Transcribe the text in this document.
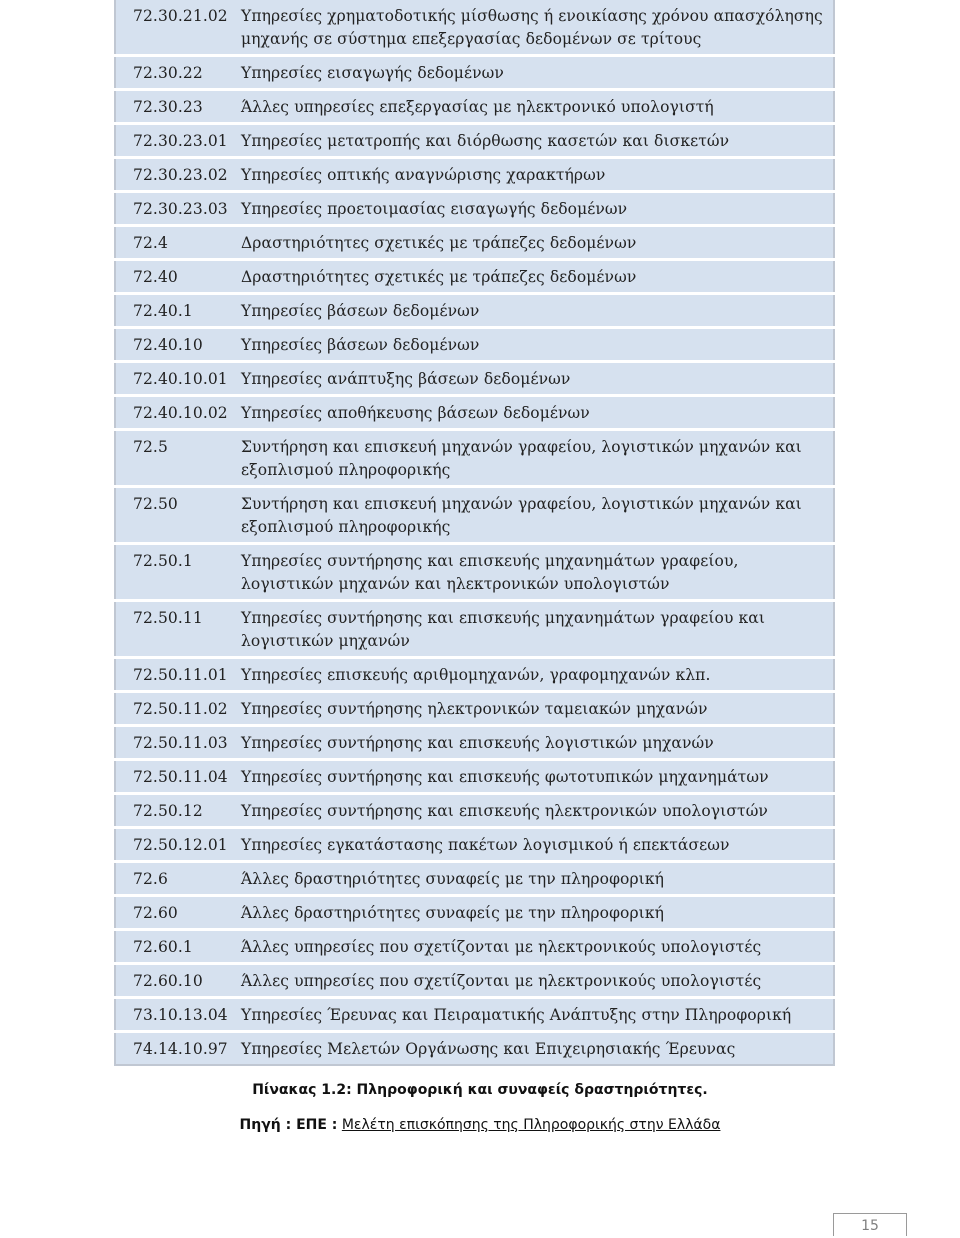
72.30.21.02	Υπηρεσίες χρηματοδοτικής μίσθωσης ή ενοικίασης χρόνου απασχόλησης μηχανής σε σύστημα επεξεργασίας δεδομένων σε τρίτους
72.30.22	Υπηρεσίες εισαγωγής δεδομένων
72.30.23	Άλλες υπηρεσίες επεξεργασίας με ηλεκτρονικό υπολογιστή
72.30.23.01	Υπηρεσίες μετατροπής και διόρθωσης κασετών και δισκετών
72.30.23.02	Υπηρεσίες οπτικής αναγνώρισης χαρακτήρων
72.30.23.03	Υπηρεσίες προετοιμασίας εισαγωγής δεδομένων
72.4	Δραστηριότητες σχετικές με τράπεζες δεδομένων
72.40	Δραστηριότητες σχετικές με τράπεζες δεδομένων
72.40.1	Υπηρεσίες βάσεων δεδομένων
72.40.10	Υπηρεσίες βάσεων δεδομένων
72.40.10.01	Υπηρεσίες ανάπτυξης βάσεων δεδομένων
72.40.10.02	Υπηρεσίες αποθήκευσης βάσεων δεδομένων
72.5	Συντήρηση και επισκευή μηχανών γραφείου, λογιστικών μηχανών και εξοπλισμού πληροφορικής
72.50	Συντήρηση και επισκευή μηχανών γραφείου, λογιστικών μηχανών και εξοπλισμού πληροφορικής
72.50.1	Υπηρεσίες συντήρησης και επισκευής μηχανημάτων γραφείου, λογιστικών μηχανών και ηλεκτρονικών υπολογιστών
72.50.11	Υπηρεσίες συντήρησης και επισκευής μηχανημάτων γραφείου και λογιστικών μηχανών
72.50.11.01	Υπηρεσίες επισκευής αριθμομηχανών, γραφομηχανών κλπ.
72.50.11.02	Υπηρεσίες συντήρησης ηλεκτρονικών ταμειακών μηχανών
72.50.11.03	Υπηρεσίες συντήρησης και επισκευής λογιστικών μηχανών
72.50.11.04	Υπηρεσίες συντήρησης και επισκευής φωτοτυπικών μηχανημάτων
72.50.12	Υπηρεσίες συντήρησης και επισκευής ηλεκτρονικών υπολογιστών
72.50.12.01	Υπηρεσίες εγκατάστασης πακέτων λογισμικού ή επεκτάσεων
72.6	Άλλες δραστηριότητες συναφείς με την πληροφορική
72.60	Άλλες δραστηριότητες συναφείς με την πληροφορική
72.60.1	Άλλες υπηρεσίες που σχετίζονται με ηλεκτρονικούς υπολογιστές
72.60.10	Άλλες υπηρεσίες που σχετίζονται με ηλεκτρονικούς υπολογιστές
73.10.13.04	Υπηρεσίες Έρευνας και Πειραματικής Ανάπτυξης στην Πληροφορική
74.14.10.97	Υπηρεσίες Μελετών Οργάνωσης και Επιχειρησιακής Έρευνας
Πίνακας 1.2: Πληροφορική και συναφείς δραστηριότητες.
Πηγή : ΕΠΕ : Μελέτη επισκόπησης της Πληροφορικής στην Ελλάδα
15
